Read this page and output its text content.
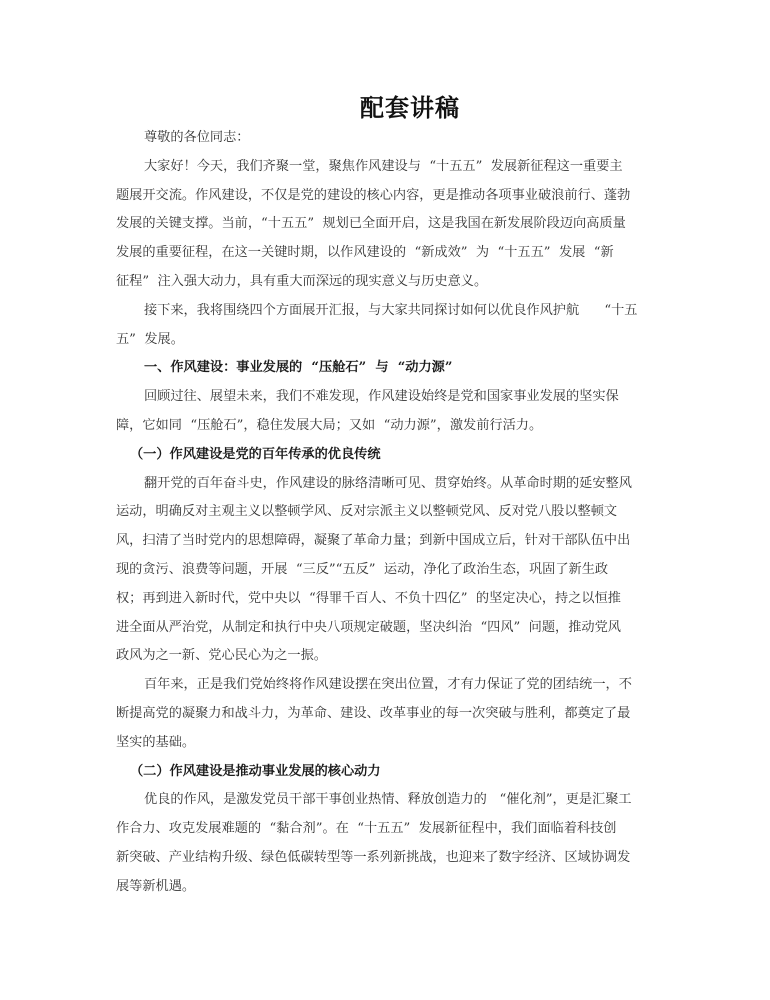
配套讲稿
尊敬的各位同志：
大家好！今天，我们齐聚一堂，聚焦作风建设与  “十五五”  发展新征程这一重要主
题展开交流。作风建设，不仅是党的建设的核心内容，更是推动各项事业破浪前行、蓬勃
发展的关键支撑。当前，“十五五”  规划已全面开启，这是我国在新发展阶段迈向高质量
发展的重要征程，在这一关键时期，以作风建设的  “新成效”  为  “十五五”  发展  “新
征程”  注入强大动力，具有重大而深远的现实意义与历史意义。
接下来，我将围绕四个方面展开汇报，与大家共同探讨如何以优良作风护航      “十五
五”  发展。
一、作风建设：事业发展的  “压舱石”  与  “动力源”
回顾过往、展望未来，我们不难发现，作风建设始终是党和国家事业发展的坚实保
障，它如同  “压舱石”，稳住发展大局；又如  “动力源”，激发前行活力。
（一）作风建设是党的百年传承的优良传统
翻开党的百年奋斗史，作风建设的脉络清晰可见、贯穿始终。从革命时期的延安整风
运动，明确反对主观主义以整顿学风、反对宗派主义以整顿党风、反对党八股以整顿文
风，扫清了当时党内的思想障碍，凝聚了革命力量；到新中国成立后，针对干部队伍中出
现的贪污、浪费等问题，开展  “三反”“五反”  运动，净化了政治生态，巩固了新生政
权；再到进入新时代，党中央以  “得罪千百人、不负十四亿”  的坚定决心，持之以恒推
进全面从严治党，从制定和执行中央八项规定破题，坚决纠治  “四风”  问题，推动党风
政风为之一新、党心民心为之一振。
百年来，正是我们党始终将作风建设摆在突出位置，才有力保证了党的团结统一，不
断提高党的凝聚力和战斗力，为革命、建设、改革事业的每一次突破与胜利，都奠定了最
坚实的基础。
（二）作风建设是推动事业发展的核心动力
优良的作风，是激发党员干部干事创业热情、释放创造力的   “催化剂”，更是汇聚工
作合力、攻克发展难题的  “黏合剂”。在  “十五五”  发展新征程中，我们面临着科技创
新突破、产业结构升级、绿色低碳转型等一系列新挑战，也迎来了数字经济、区域协调发
展等新机遇。
